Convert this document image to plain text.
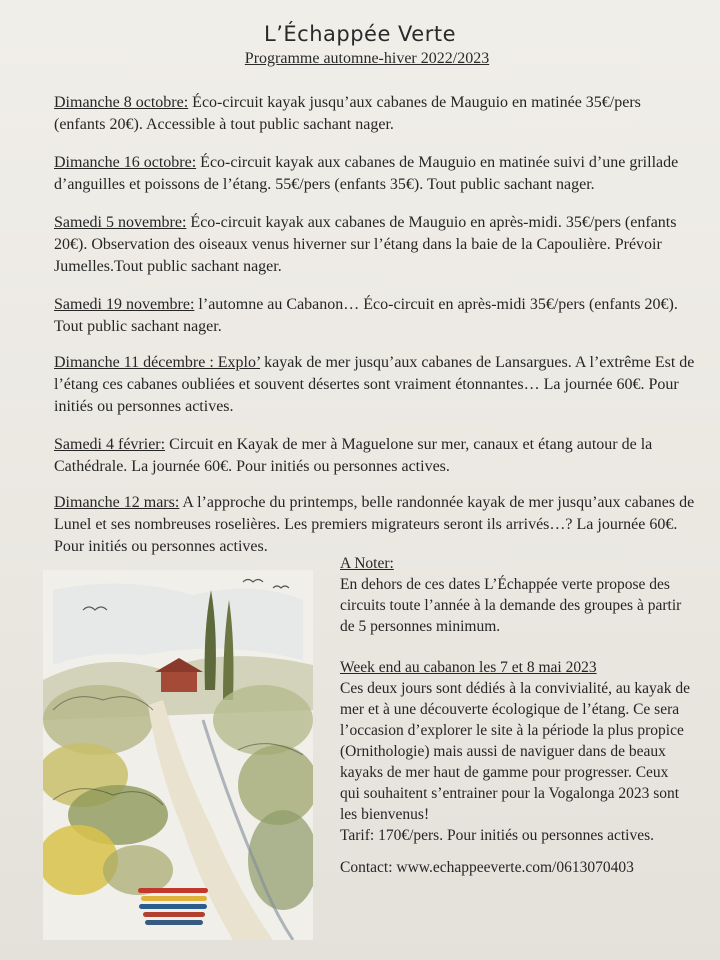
L’Échappée Verte
Programme automne-hiver 2022/2023
Dimanche 8 octobre: Éco-circuit kayak jusqu’aux cabanes de Mauguio en matinée 35€/pers (enfants 20€). Accessible à tout public sachant nager.
Dimanche 16 octobre: Éco-circuit kayak aux cabanes de Mauguio en matinée suivi d’une grillade d’anguilles et poissons de l’étang. 55€/pers (enfants 35€). Tout public sachant nager.
Samedi 5 novembre: Éco-circuit kayak aux cabanes de Mauguio en après-midi. 35€/pers (enfants 20€). Observation des oiseaux venus hiverner sur l’étang dans la baie de la Capoulière. Prévoir Jumelles.Tout public sachant nager.
Samedi 19 novembre: l’automne au Cabanon… Éco-circuit en après-midi 35€/pers (enfants 20€). Tout public sachant nager.
Dimanche 11 décembre : Explo’ kayak de mer jusqu’aux cabanes de Lansargues. A l’extrême Est de l’étang ces cabanes oubliées et souvent désertes sont vraiment étonnantes… La journée 60€. Pour initiés ou personnes actives.
Samedi 4 février: Circuit en Kayak de mer à Maguelone sur mer, canaux et étang autour de la Cathédrale. La journée 60€. Pour initiés ou personnes actives.
Dimanche 12 mars: A l’approche du printemps, belle randonnée kayak de mer jusqu’aux cabanes de Lunel et ses nombreuses roselières. Les premiers migrateurs seront ils arrivés…? La journée 60€. Pour initiés ou personnes actives.
A Noter:
En dehors de ces dates L’Échappée verte propose des circuits toute l’année à la demande des groupes à partir de 5 personnes minimum.
Week end au cabanon les 7 et 8 mai 2023
Ces deux jours sont dédiés à la convivialité, au kayak de mer et à une découverte écologique de l’étang. Ce sera l’occasion d’explorer le site à la période la plus propice (Ornithologie) mais aussi de naviguer dans de beaux kayaks de mer haut de gamme pour progresser. Ceux qui souhaitent s’entrainer pour la Vogalonga 2023 sont les bienvenus!
Tarif: 170€/pers. Pour initiés ou personnes actives.
Contact: www.echappeeverte.com/0613070403
